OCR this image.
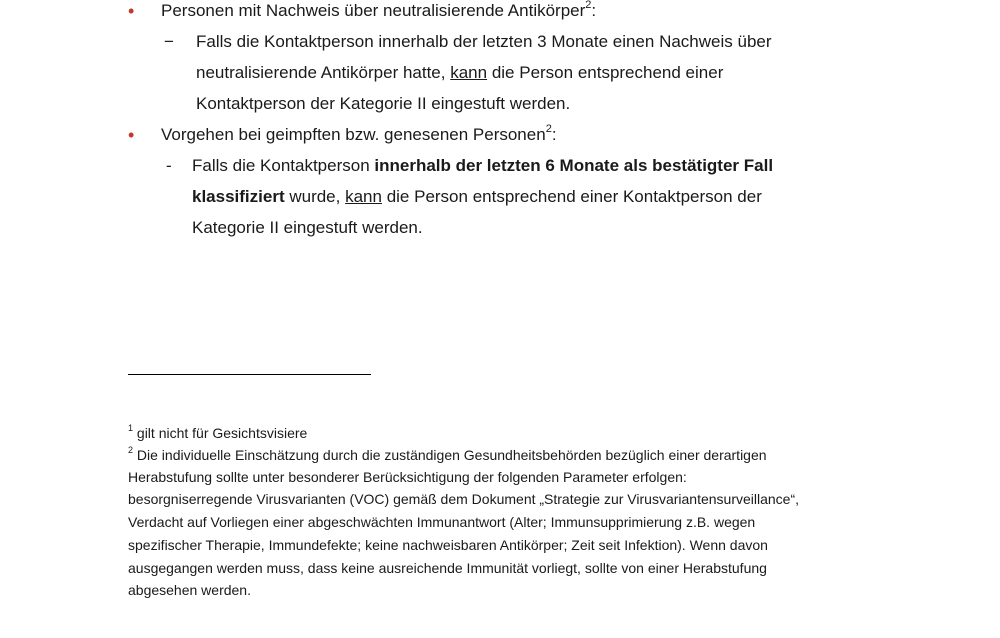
• Personen mit Nachweis über neutralisierende Antikörper$^2$:
− Falls die Kontaktperson innerhalb der letzten 3 Monate einen Nachweis über
neutralisierende Antikörper hatte, kann die Person entsprechend einer
Kontaktperson der Kategorie II eingestuft werden.
• Vorgehen bei geimpften bzw. genesenen Personen$^2$:
- Falls die Kontaktperson innerhalb der letzten 6 Monate als bestätigter Fall
klassifiziert wurde, kann die Person entsprechend einer Kontaktperson der
Kategorie II eingestuft werden.
$^1$ gilt nicht für Gesichtsvisiere
$^2$ Die individuelle Einschätzung durch die zuständigen Gesundheitsbehörden bezüglich einer derartigen
Herabstufung sollte unter besonderer Berücksichtigung der folgenden Parameter erfolgen:
besorgniserregende Virusvarianten (VOC) gemäß dem Dokument „Strategie zur Virusvariantensurveillance“,
Verdacht auf Vorliegen einer abgeschwächten Immunantwort (Alter; Immunsupprimierung z.B. wegen
spezifischer Therapie, Immundefekte; keine nachweisbaren Antikörper; Zeit seit Infektion). Wenn davon
ausgegangen werden muss, dass keine ausreichende Immunität vorliegt, sollte von einer Herabstufung
abgesehen werden.
